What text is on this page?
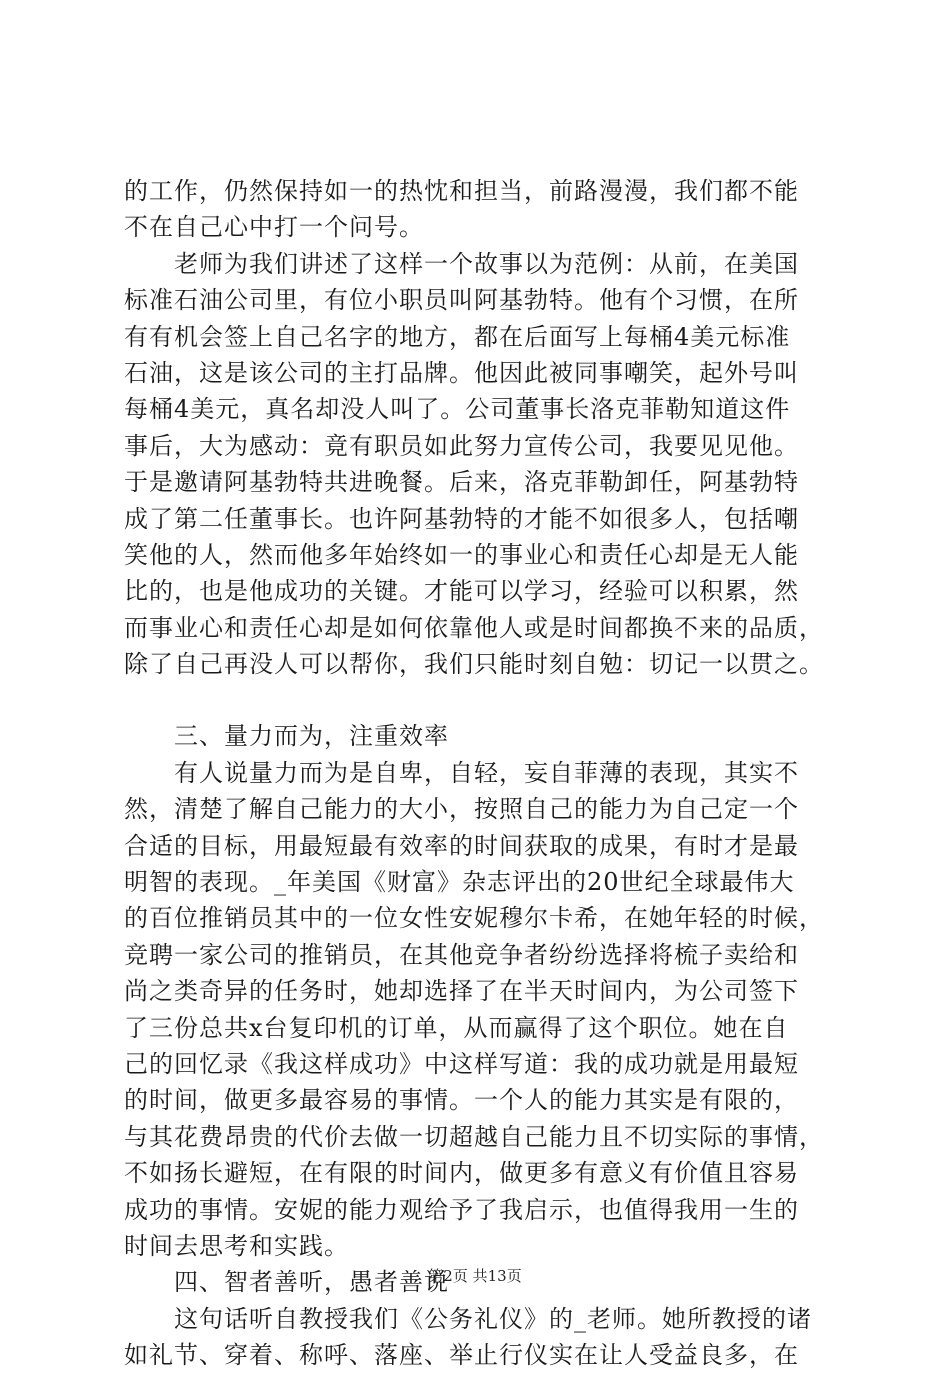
的工作，仍然保持如一的热忱和担当，前路漫漫，我们都不能
不在自己心中打一个问号。
　　老师为我们讲述了这样一个故事以为范例：从前，在美国
标准石油公司里，有位小职员叫阿基勃特。他有个习惯，在所
有有机会签上自己名字的地方，都在后面写上每桶4美元标准
石油，这是该公司的主打品牌。他因此被同事嘲笑，起外号叫
每桶4美元，真名却没人叫了。公司董事长洛克菲勒知道这件
事后，大为感动：竟有职员如此努力宣传公司，我要见见他。
于是邀请阿基勃特共进晚餐。后来，洛克菲勒卸任，阿基勃特
成了第二任董事长。也许阿基勃特的才能不如很多人，包括嘲
笑他的人，然而他多年始终如一的事业心和责任心却是无人能
比的，也是他成功的关键。才能可以学习，经验可以积累，然
而事业心和责任心却是如何依靠他人或是时间都换不来的品质，
除了自己再没人可以帮你，我们只能时刻自勉：切记一以贯之。
　　三、量力而为，注重效率
　　有人说量力而为是自卑，自轻，妄自菲薄的表现，其实不
然，清楚了解自己能力的大小，按照自己的能力为自己定一个
合适的目标，用最短最有效率的时间获取的成果，有时才是最
明智的表现。_年美国《财富》杂志评出的20世纪全球最伟大
的百位推销员其中的一位女性安妮穆尔卡希，在她年轻的时候，
竞聘一家公司的推销员，在其他竞争者纷纷选择将梳子卖给和
尚之类奇异的任务时，她却选择了在半天时间内，为公司签下
了三份总共x台复印机的订单，从而赢得了这个职位。她在自
己的回忆录《我这样成功》中这样写道：我的成功就是用最短
的时间，做更多最容易的事情。一个人的能力其实是有限的，
与其花费昂贵的代价去做一切超越自己能力且不切实际的事情，
不如扬长避短，在有限的时间内，做更多有意义有价值且容易
成功的事情。安妮的能力观给予了我启示，也值得我用一生的
时间去思考和实践。
　　四、智者善听，愚者善说
　　这句话听自教授我们《公务礼仪》的_老师。她所教授的诸
如礼节、穿着、称呼、落座、举止行仪实在让人受益良多，在
第2页 共13页
